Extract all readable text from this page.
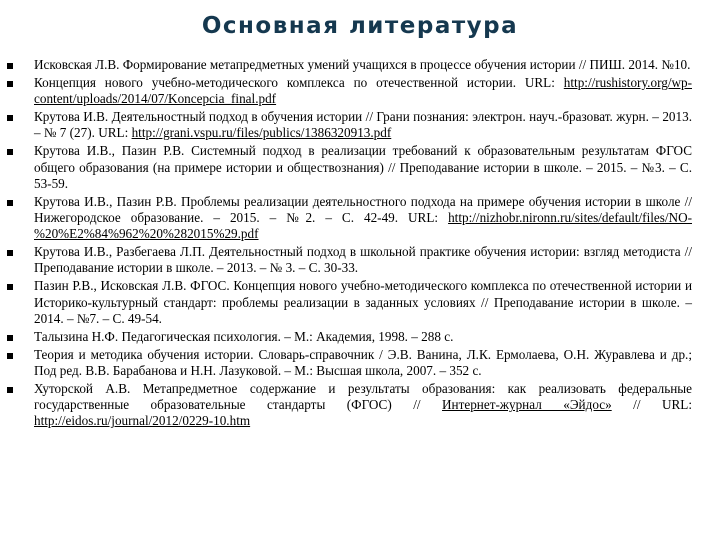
Основная литература
Исковская Л.В. Формирование метапредметных умений учащихся в процессе обучения истории // ПИШ. 2014. №10.
Концепция нового учебно-методического комплекса по отечественной истории. URL: http://rushistory.org/wp-content/uploads/2014/07/Koncepcia_final.pdf
Крутова И.В. Деятельностный подход в обучения истории // Грани познания: электрон. науч.-бразоват. журн. – 2013. – № 7 (27). URL: http://grani.vspu.ru/files/publics/1386320913.pdf
Крутова И.В., Пазин Р.В. Системный подход в реализации требований к образовательным результатам ФГОС общего образования (на примере истории и обществознания) // Преподавание истории в школе. – 2015. – №3. – С. 53-59.
Крутова И.В., Пазин Р.В. Проблемы реализации деятельностного подхода на примере обучения истории в школе // Нижегородское образование. – 2015. – №2. – С. 42-49. URL: http://nizhobr.nironn.ru/sites/default/files/NO-%20%E2%84%962%20%282015%29.pdf
Крутова И.В., Разбегаева Л.П. Деятельностный подход в школьной практике обучения истории: взгляд методиста // Преподавание истории в школе. – 2013. – № 3. – С. 30-33.
Пазин Р.В., Исковская Л.В. ФГОС. Концепция нового учебно-методического комплекса по отечественной истории и Историко-культурный стандарт: проблемы реализации в заданных условиях // Преподавание истории в школе. – 2014. – №7. – С. 49-54.
Талызина Н.Ф. Педагогическая психология. – М.: Академия, 1998. – 288 с.
Теория и методика обучения истории. Словарь-справочник / Э.В. Ванина, Л.К. Ермолаева, О.Н. Журавлева и др.; Под ред. В.В. Барабанова и Н.Н. Лазуковой. – М.: Высшая школа, 2007. – 352 с.
Хуторской А.В. Метапредметное содержание и результаты образования: как реализовать федеральные государственные образовательные стандарты (ФГОС) // Интернет-журнал «Эйдос» // URL: http://eidos.ru/journal/2012/0229-10.htm
